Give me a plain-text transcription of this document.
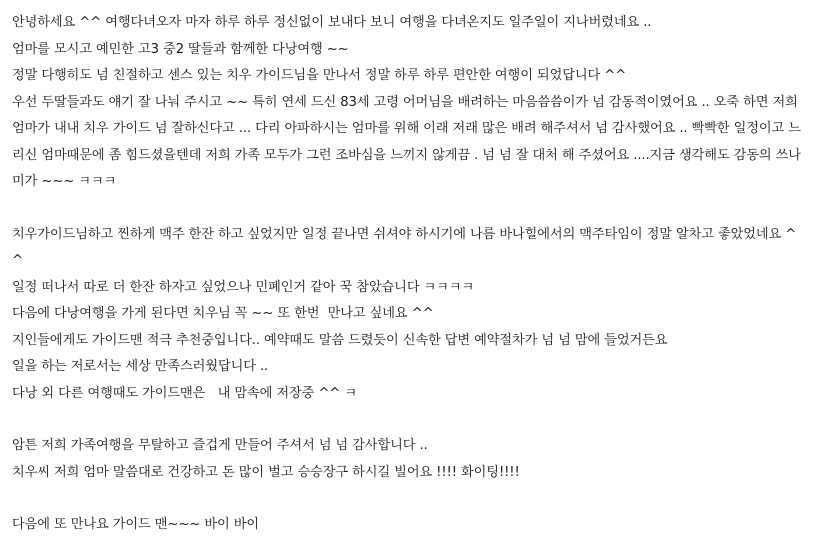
안녕하세요 ^^ 여행다녀오자 마자 하루 하루 정신없이 보내다 보니 여행을 다녀온지도 일주일이 지나버렸네요 ..

엄마를 모시고 예민한 고3 중2 딸들과 함께한 다낭여행 ~~

정말 다행히도 넘 친절하고 센스 있는 치우 가이드님을 만나서 정말 하루 하루 편안한 여행이 되었답니다 ^^

우선 두딸들과도 얘기 잘 나눠 주시고 ~~ 특히 연세 드신 83세 고령 어머님을 배려하는 마음씀씀이가 넘 감동적이였어요 .. 오죽 하면 저희 엄마가 내내 치우 가이드 넘 잘하신다고 ... 다리 아파하시는 엄마를 위해 이래 저래 많은 배려 해주셔서 넘 감사했어요 .. 빡빡한 일정이고 느리신 엄마때문에 좀 힘드셨을텐데 저희 가족 모두가 그런 조바심을 느끼지 않게끔 . 넘 넘 잘 대처 해 주셨어요 ....지금 생각해도 감동의 쓰나미가 ~~~ ㅋㅋㅋ

치우가이드님하고 찐하게 맥주 한잔 하고 싶었지만 일정 끝나면 쉬셔야 하시기에 나름 바나힐에서의 맥주타임이 정말 알차고 좋았었네요 ^^

일정 떠나서 따로 더 한잔 하자고 싶었으나 민폐인거 같아 꾹 참았습니다 ㅋㅋㅋㅋ

다음에 다낭여행을 가게 된다면 치우님 꼭 ~~ 또 한번  만나고 싶네요 ^^

지인들에게도 가이드맨 적극 추천중입니다.. 예약때도 말씀 드렸듯이 신속한 답변 예약절차가 넘 넘 맘에 들었거든요

일을 하는 저로서는 세상 만족스러웠답니다 ..

다낭 외 다른 여행때도 가이드맨은   내 맘속에 저장중 ^^ ㅋ

암튼 저희 가족여행을 무탈하고 즐겁게 만들어 주셔서 넘 넘 감사합니다 ..

치우씨 저희 엄마 말씀대로 건강하고 돈 많이 벌고 승승장구 하시길 빌어요 !!!! 화이팅!!!!

다음에 또 만나요 가이드 맨~~~ 바이 바이
